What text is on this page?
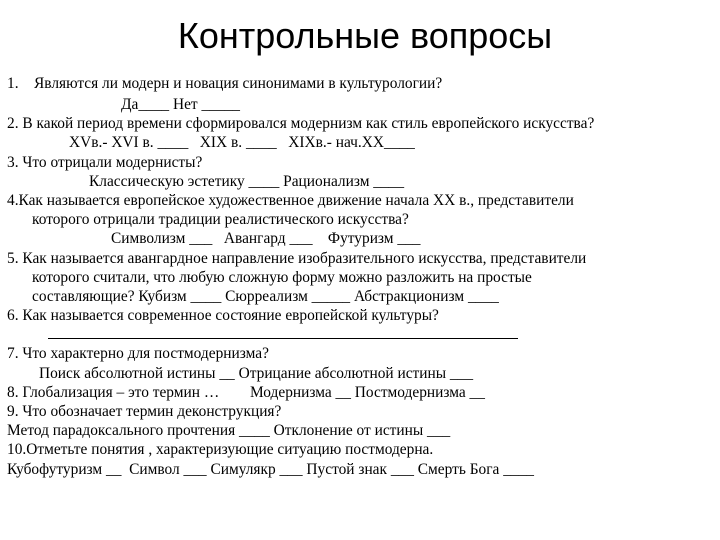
Контрольные вопросы
1. Являются ли модерн и новация синонимами в культурологии?
Да____ Нет _____
2. В какой период времени сформировался модернизм как стиль европейского искусства?
XVв.- XVI в. ____   XIX в. ____   XIXв.- нач.XX____
3. Что отрицали модернисты?
Классическую эстетику ____ Рационализм ____
4.Как называется европейское художественное движение начала XX в., представители
которого отрицали традиции реалистического искусства?
Символизм ___   Авангард ___    Футуризм ___
5. Как называется авангардное направление изобразительного искусства, представители
которого считали, что любую сложную форму можно разложить на простые
составляющие? Кубизм ____ Сюрреализм _____ Абстракционизм ____
6. Как называется современное состояние европейской культуры?
7. Что характерно для постмодернизма?
Поиск абсолютной истины __ Отрицание абсолютной истины ___
8. Глобализация – это термин …        Модернизма __ Постмодернизма __
9. Что обозначает термин деконструкция?
Метод парадоксального прочтения ____ Отклонение от истины ___
10.Отметьте понятия , характеризующие ситуацию постмодерна.
Кубофутуризм __  Символ ___ Симулякр ___ Пустой знак ___ Смерть Бога ____
